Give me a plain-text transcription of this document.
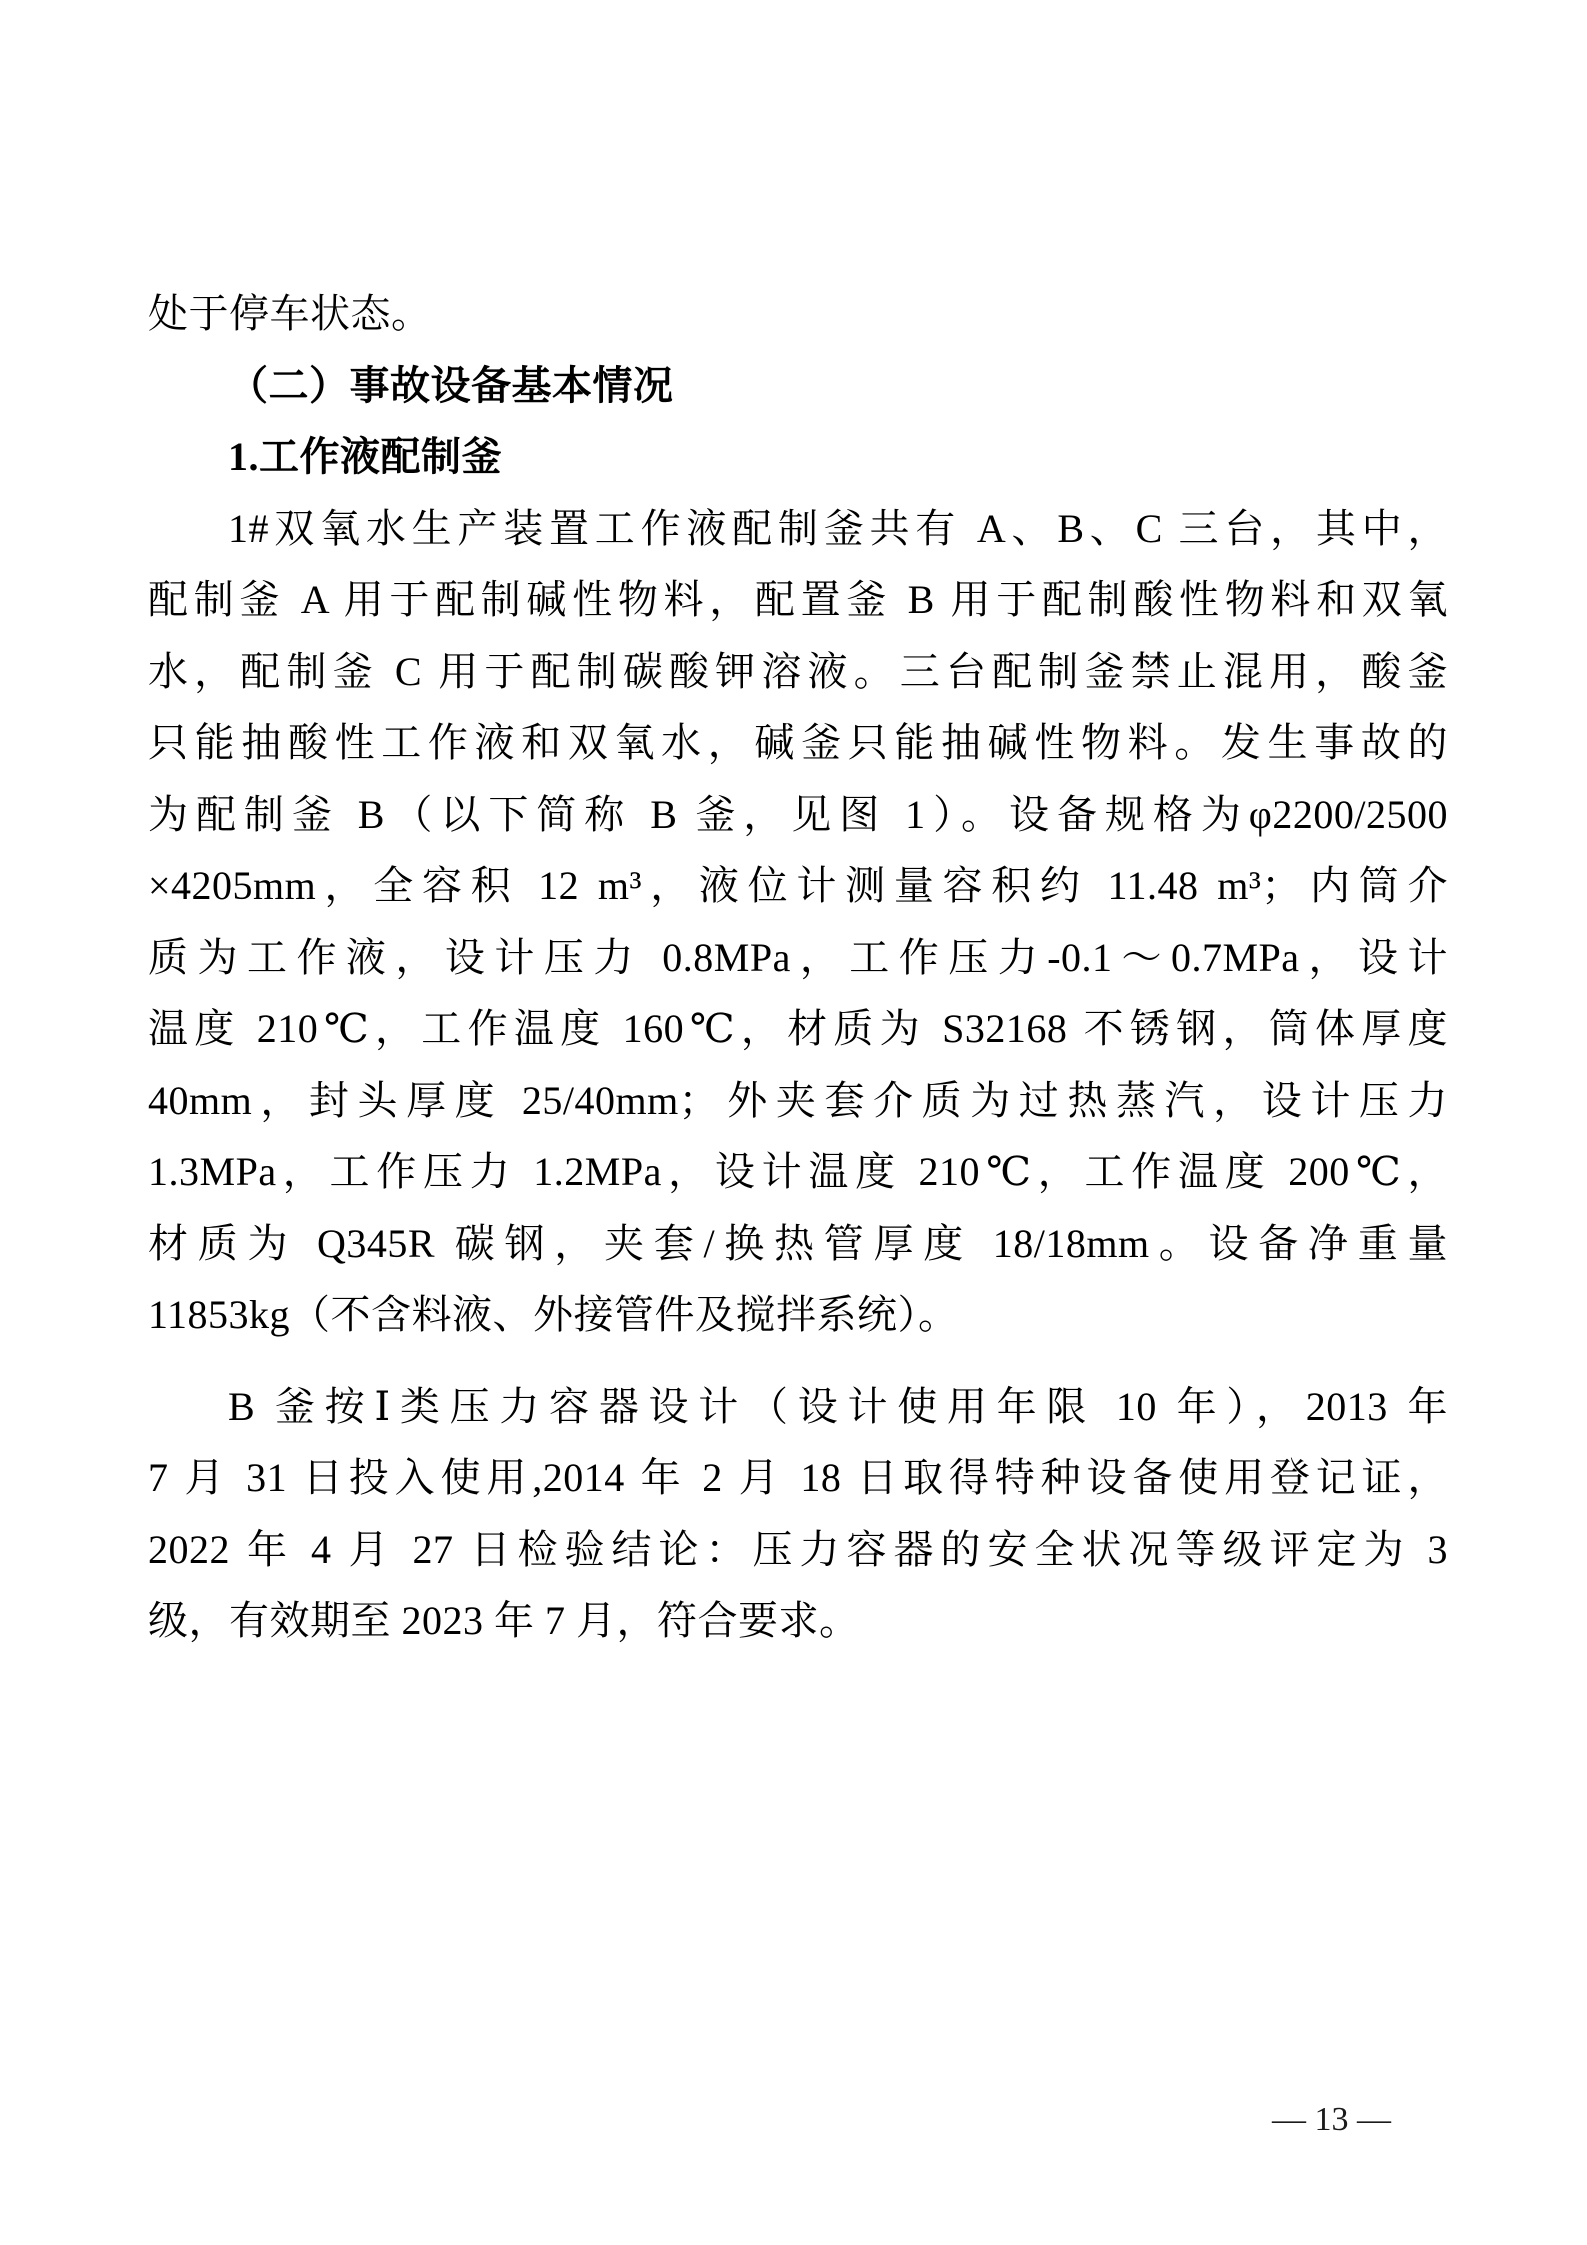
处于停车状态。
（二）事故设备基本情况
1.工作液配制釜
1#双氧水生产装置工作液配制釜共有 A、B、C 三台，其中，
配制釜 A 用于配制碱性物料，配置釜 B 用于配制酸性物料和双氧
水，配制釜 C 用于配制碳酸钾溶液。三台配制釜禁止混用，酸釜
只能抽酸性工作液和双氧水，碱釜只能抽碱性物料。发生事故的
为配制釜 B（以下简称 B 釜，见图 1）。设备规格为φ2200/2500
×4205mm，全容积 12 m³，液位计测量容积约 11.48 m³；内筒介
质为工作液，设计压力 0.8MPa，工作压力-0.1～0.7MPa，设计
温度 210℃，工作温度 160℃，材质为 S32168 不锈钢，筒体厚度
40mm，封头厚度 25/40mm；外夹套介质为过热蒸汽，设计压力
1.3MPa，工作压力 1.2MPa，设计温度 210℃，工作温度 200℃，
材质为 Q345R 碳钢，夹套/换热管厚度 18/18mm。设备净重量
11853kg（不含料液、外接管件及搅拌系统）。
B 釜按Ⅰ类压力容器设计（设计使用年限 10 年），2013 年
7 月 31 日投入使用,2014 年 2 月 18 日取得特种设备使用登记证，
2022 年 4 月 27 日检验结论：压力容器的安全状况等级评定为 3
级，有效期至 2023 年 7 月，符合要求。
— 13 —
